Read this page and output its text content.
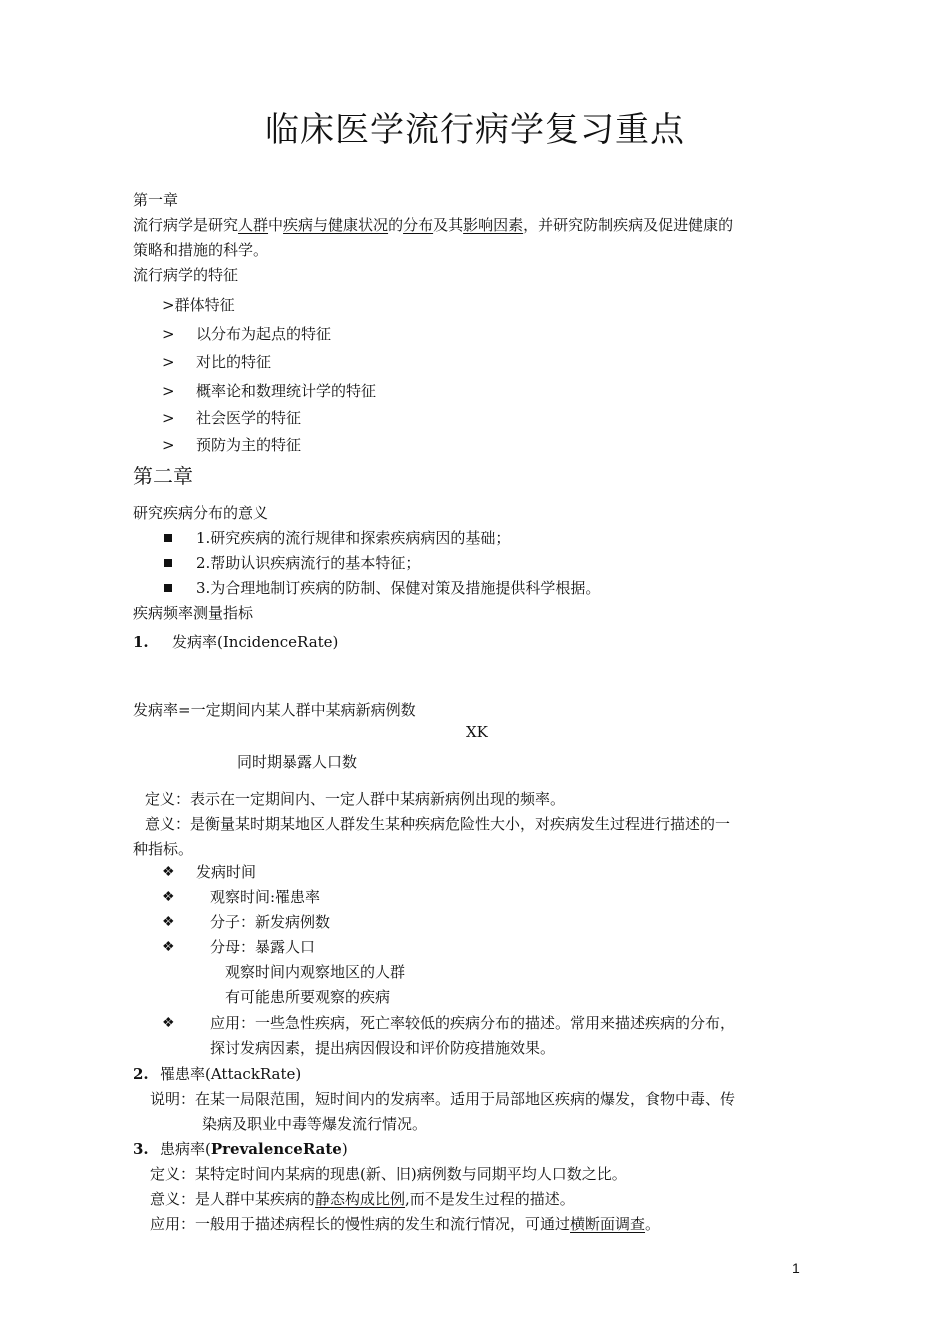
临床医学流行病学复习重点
第一章
流行病学是研究人群中疾病与健康状况的分布及其影响因素，并研究防制疾病及促进健康的
策略和措施的科学。
流行病学的特征
>群体特征
> 以分布为起点的特征
> 对比的特征
> 概率论和数理统计学的特征
> 社会医学的特征
> 预防为主的特征
第二章
研究疾病分布的意义
1.研究疾病的流行规律和探索疾病病因的基础；
2.帮助认识疾病流行的基本特征；
3.为合理地制订疾病的防制、保健对策及措施提供科学根据。
疾病频率测量指标
1. 发病率(IncidenceRate)
发病率=一定期间内某人群中某病新病例数
XK
同时期暴露人口数
定义：表示在一定期间内、一定人群中某病新病例出现的频率。
意义：是衡量某时期某地区人群发生某种疾病危险性大小，对疾病发生过程进行描述的一
种指标。
❖ 发病时间
❖ 观察时间:罹患率
❖ 分子：新发病例数
❖ 分母：暴露人口
观察时间内观察地区的人群
有可能患所要观察的疾病
❖ 应用：一些急性疾病，死亡率较低的疾病分布的描述。常用来描述疾病的分布，
探讨发病因素，提出病因假设和评价防疫措施效果。
2. 罹患率(AttackRate)
说明：在某一局限范围，短时间内的发病率。适用于局部地区疾病的爆发，食物中毒、传
染病及职业中毒等爆发流行情况。
3. 患病率(PrevalenceRate)
定义：某特定时间内某病的现患(新、旧)病例数与同期平均人口数之比。
意义：是人群中某疾病的静态构成比例,而不是发生过程的描述。
应用：一般用于描述病程长的慢性病的发生和流行情况，可通过横断面调查。
1
